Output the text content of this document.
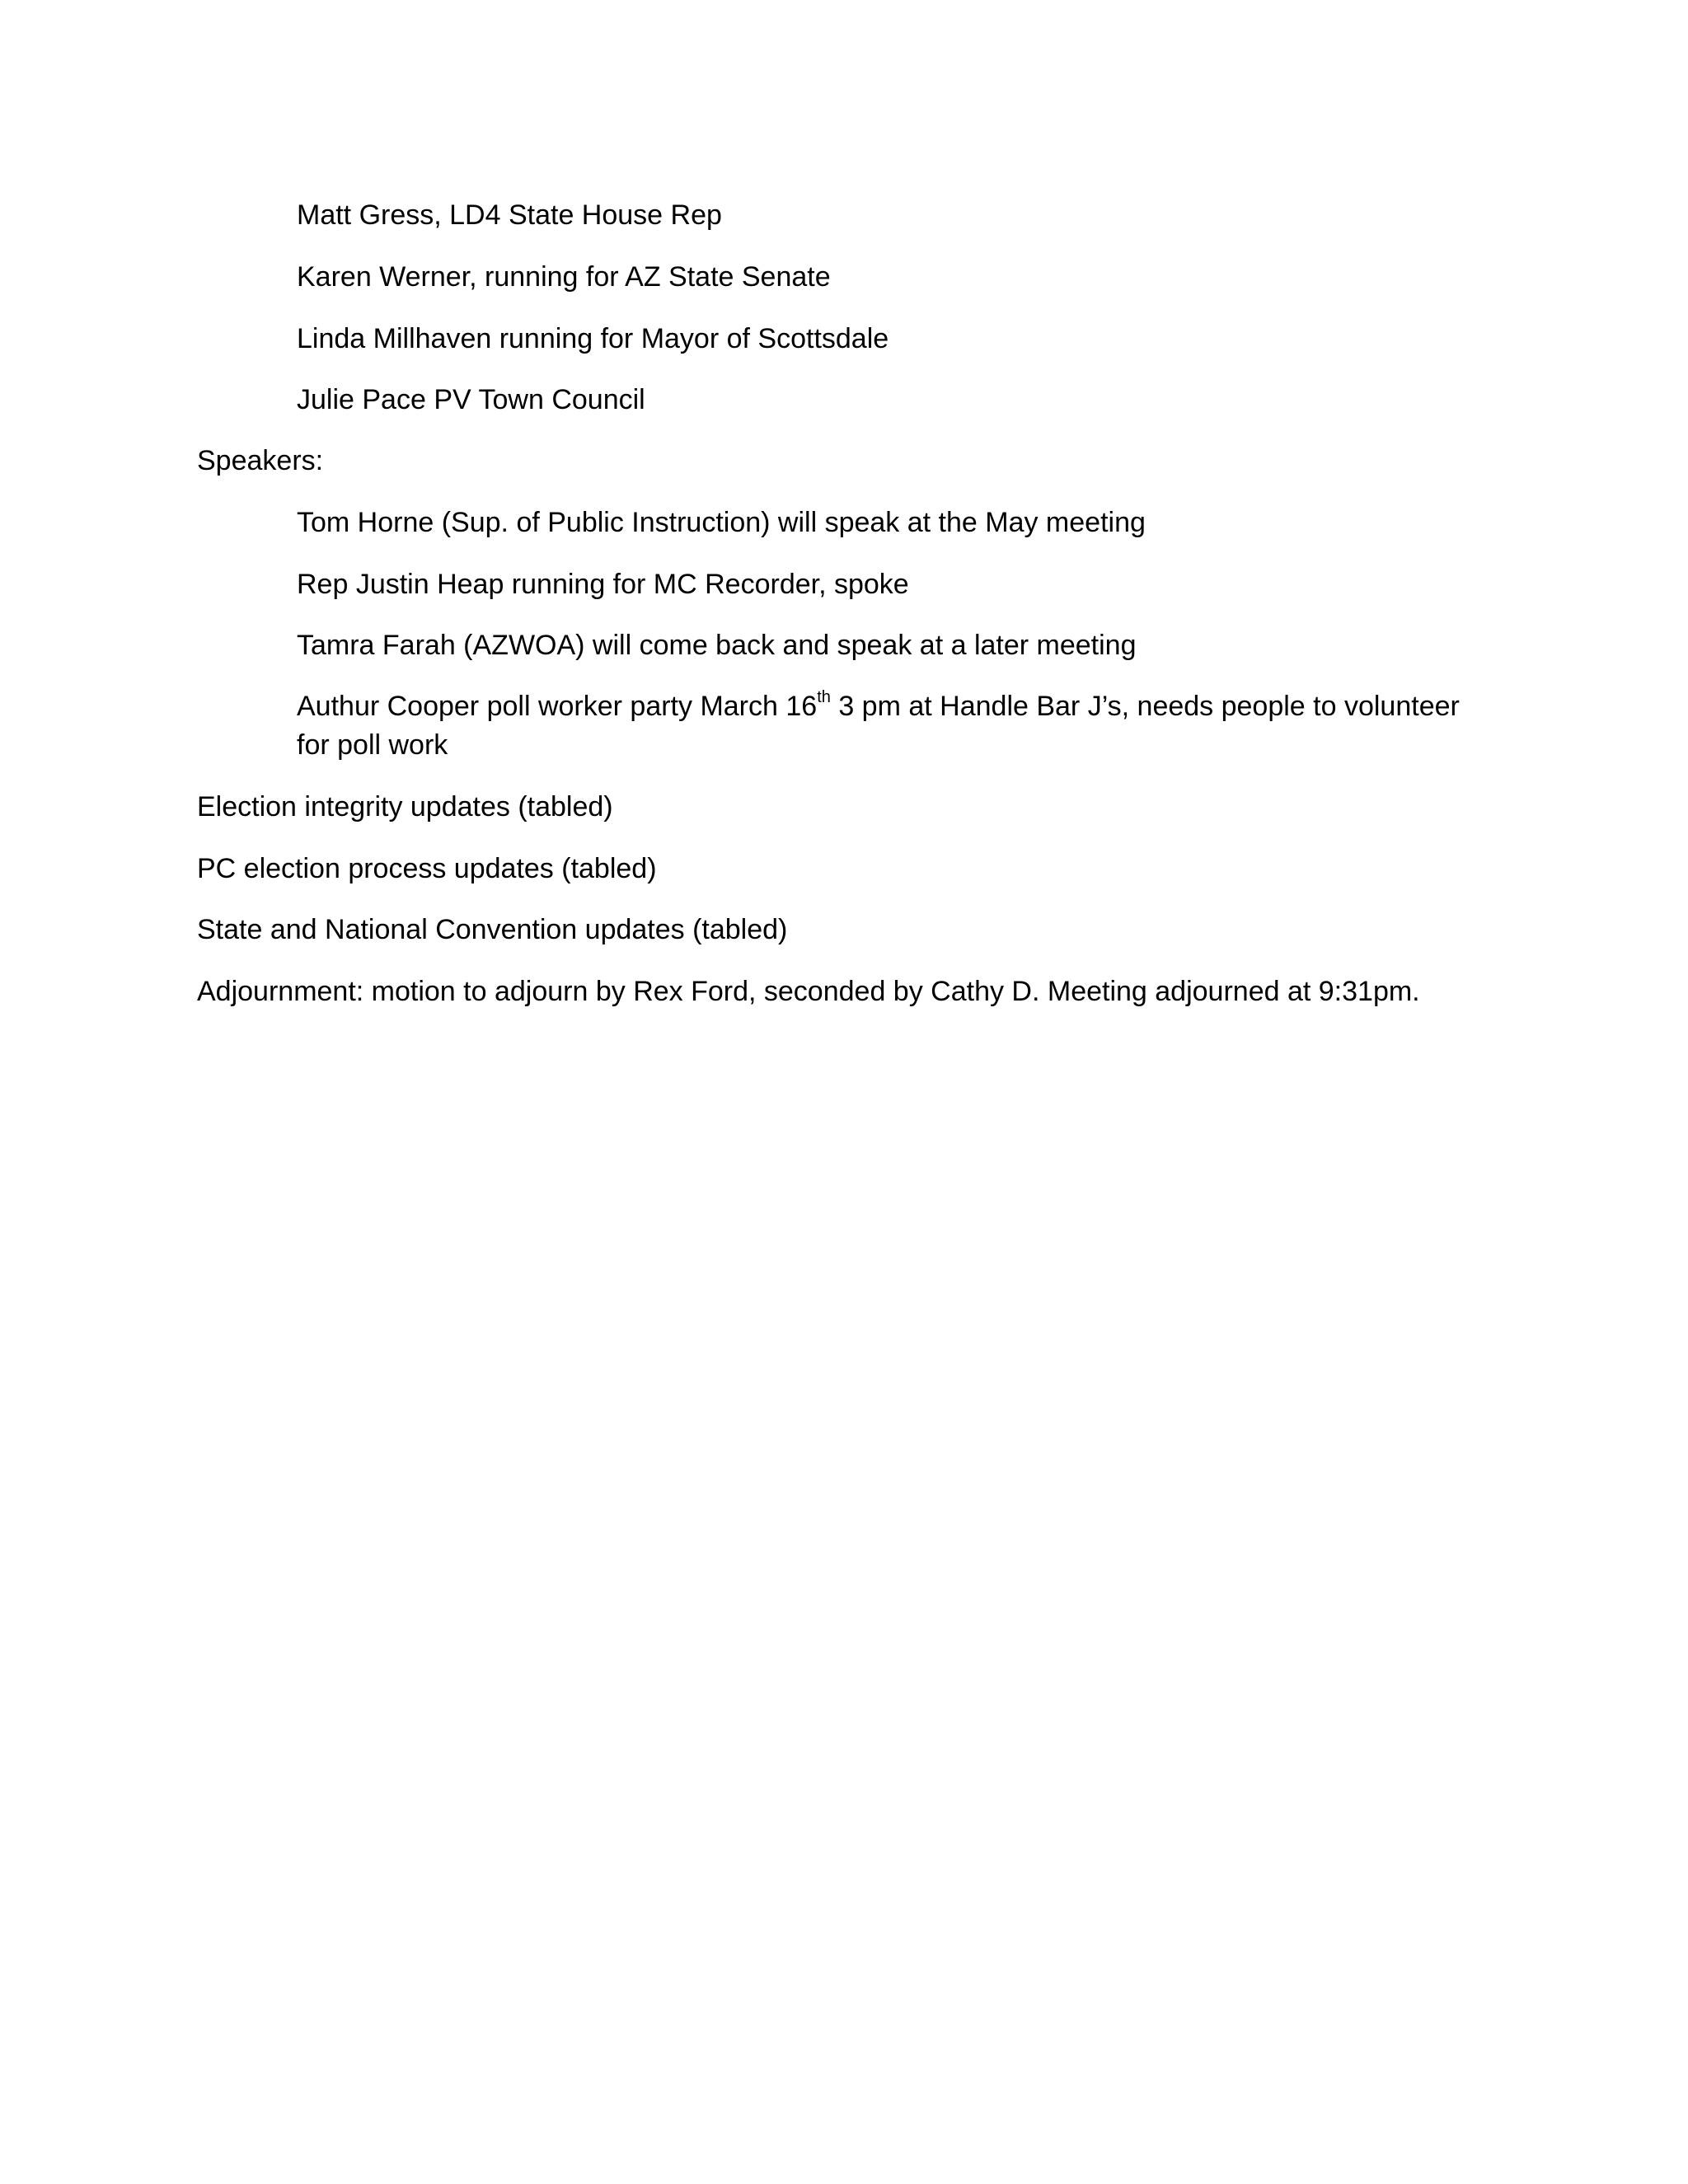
Matt Gress, LD4 State House Rep
Karen Werner, running for AZ State Senate
Linda Millhaven running for Mayor of Scottsdale
Julie Pace PV Town Council
Speakers:
Tom Horne (Sup. of Public Instruction) will speak at the May meeting
Rep Justin Heap running for MC Recorder, spoke
Tamra Farah (AZWOA) will come back and speak at a later meeting
Authur Cooper poll worker party March 16th 3 pm at Handle Bar J’s, needs people to volunteer
for poll work
Election integrity updates (tabled)
PC election process updates (tabled)
State and National Convention updates (tabled)
Adjournment: motion to adjourn by Rex Ford, seconded by Cathy D. Meeting adjourned at 9:31pm.
